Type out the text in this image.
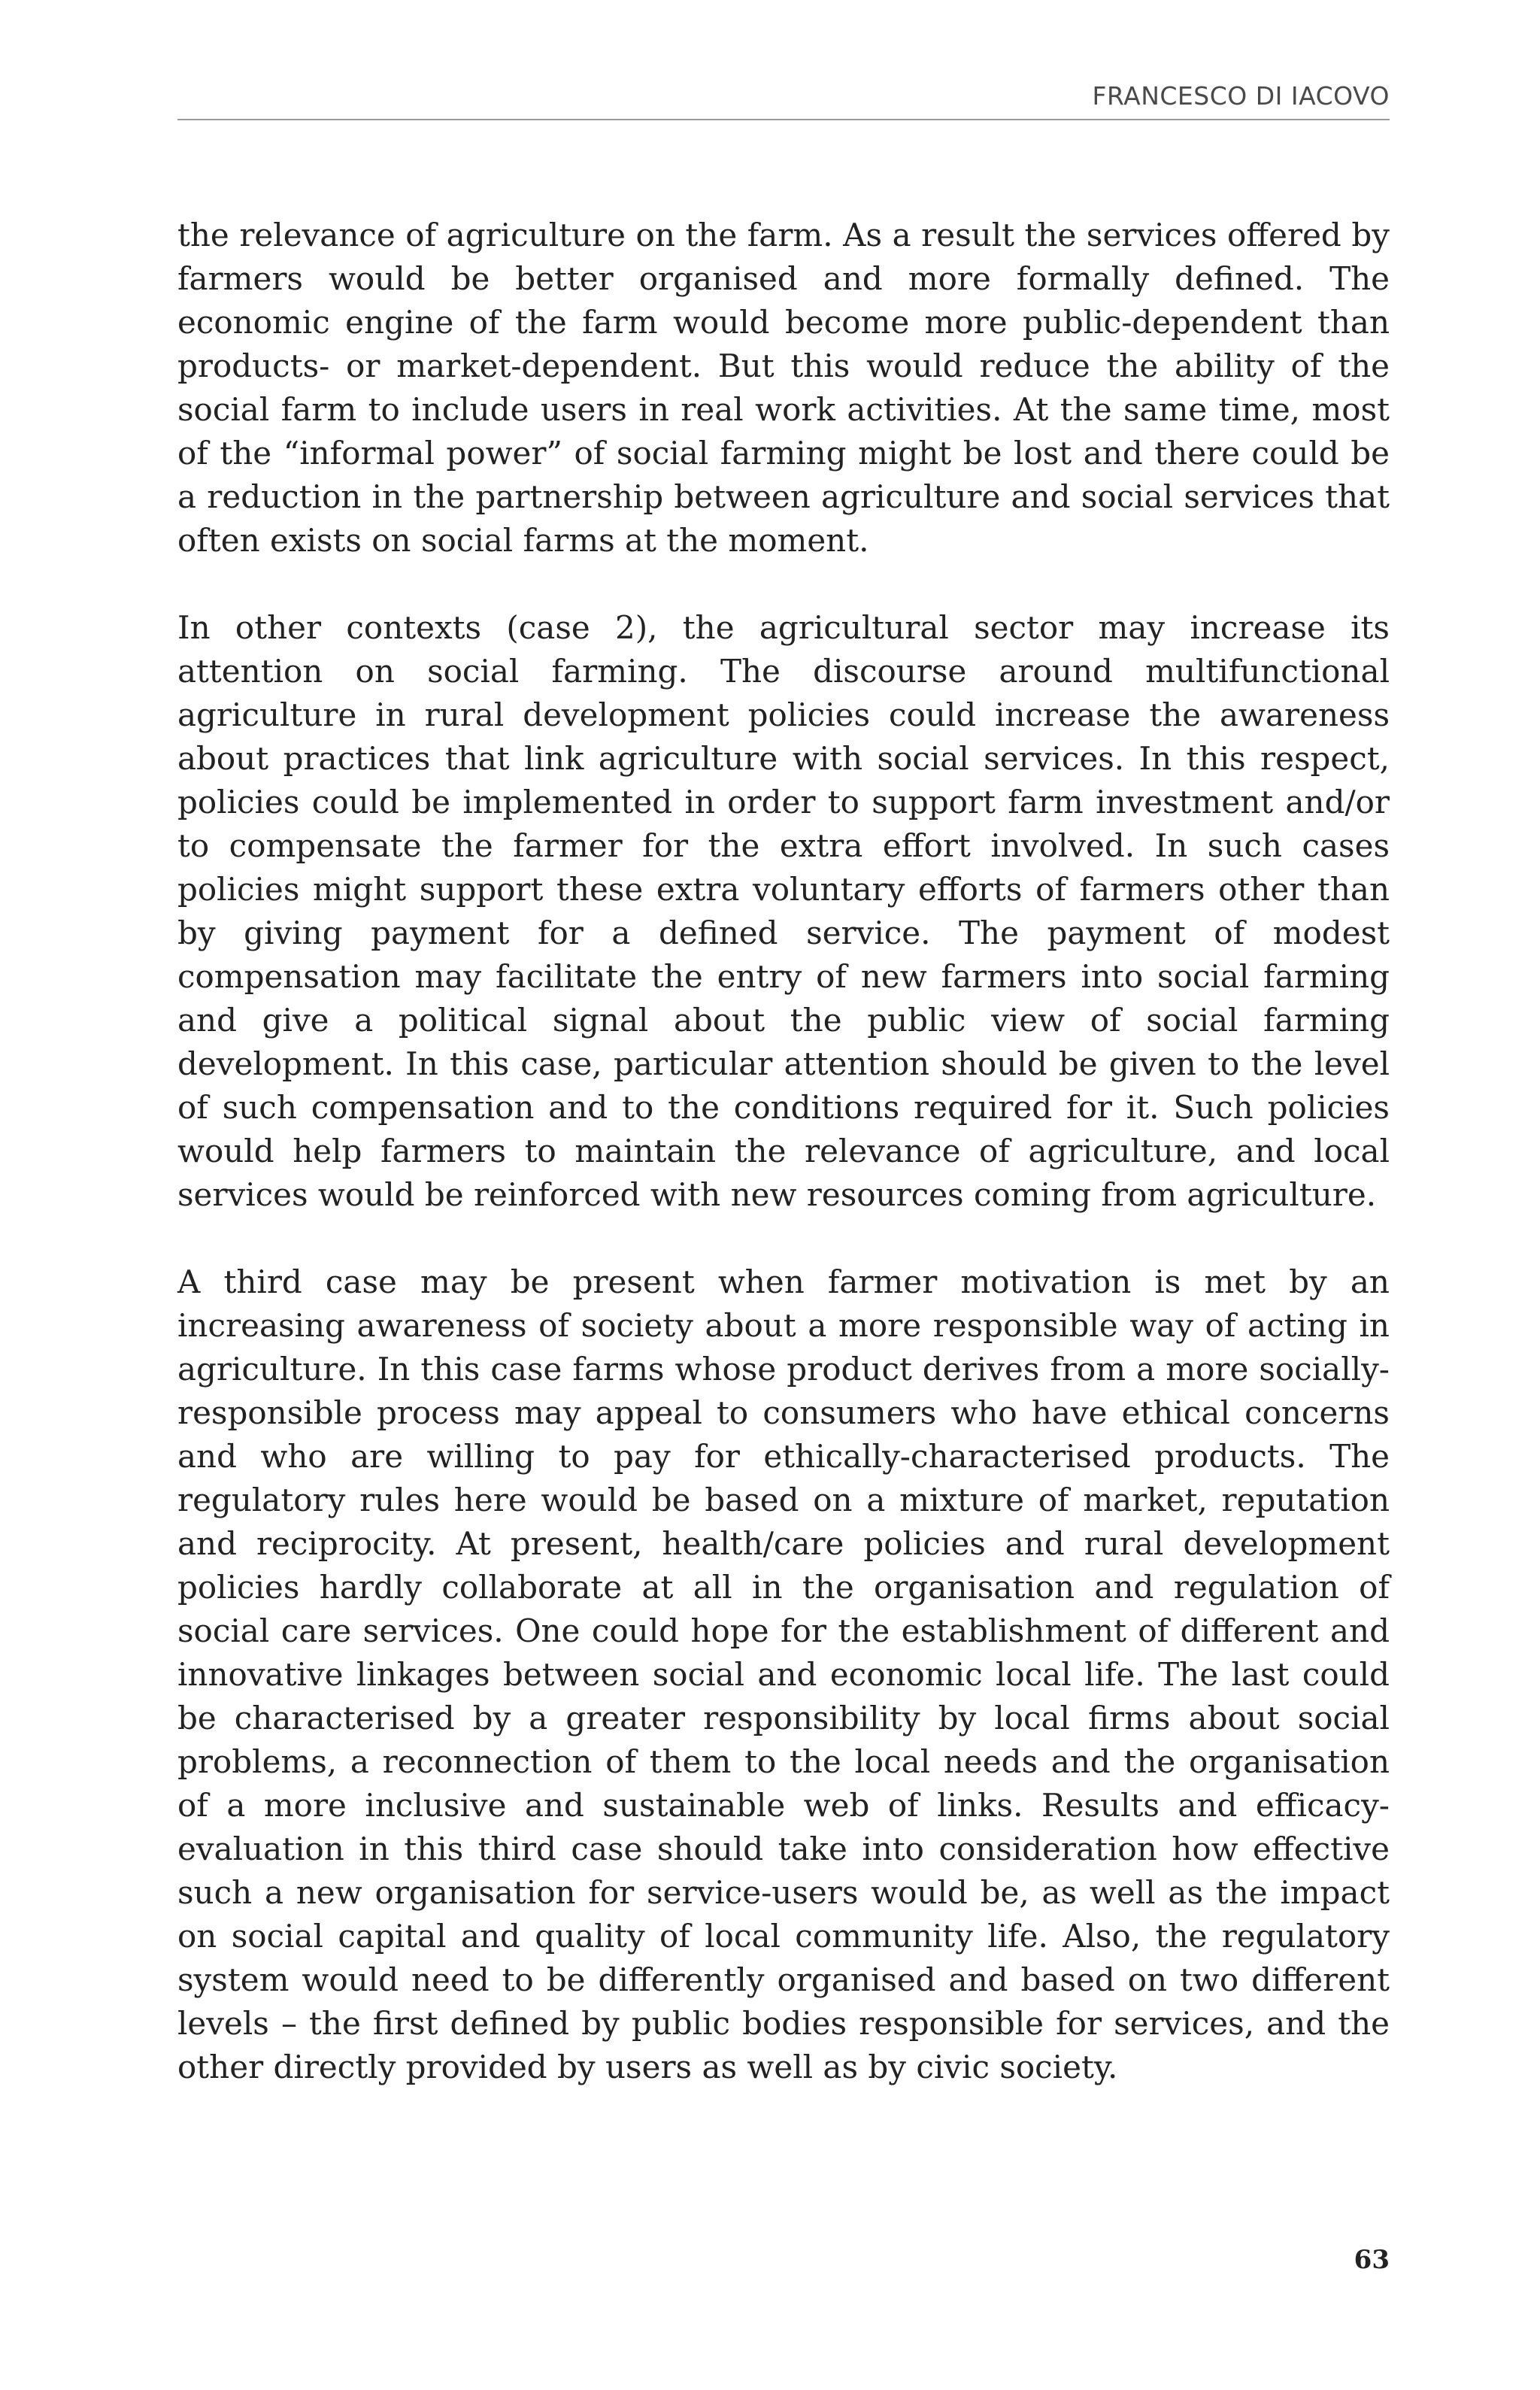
FRANCESCO DI IACOVO

the relevance of agriculture on the farm. As a result the services offered by farmers would be better organised and more formally defined. The economic engine of the farm would become more public-dependent than products- or market-dependent. But this would reduce the ability of the social farm to include users in real work activities. At the same time, most of the “informal power” of social farming might be lost and there could be a reduction in the partnership between agriculture and social services that often exists on social farms at the moment.

In other contexts (case 2), the agricultural sector may increase its attention on social farming. The discourse around multifunctional agriculture in rural development policies could increase the awareness about practices that link agriculture with social services. In this respect, policies could be implemented in order to support farm investment and/or to compensate the farmer for the extra effort involved. In such cases policies might support these extra voluntary efforts of farmers other than by giving payment for a defined service. The payment of modest compensation may facilitate the entry of new farmers into social farming and give a political signal about the public view of social farming development. In this case, particular attention should be given to the level of such compensation and to the conditions required for it. Such policies would help farmers to maintain the relevance of agriculture, and local services would be reinforced with new resources coming from agriculture.

A third case may be present when farmer motivation is met by an increasing awareness of society about a more responsible way of acting in agriculture. In this case farms whose product derives from a more socially-responsible process may appeal to consumers who have ethical concerns and who are willing to pay for ethically-characterised products. The regulatory rules here would be based on a mixture of market, reputation and reciprocity. At present, health/care policies and rural development policies hardly collaborate at all in the organisation and regulation of social care services. One could hope for the establishment of different and innovative linkages between social and economic local life. The last could be characterised by a greater responsibility by local firms about social problems, a reconnection of them to the local needs and the organisation of a more inclusive and sustainable web of links. Results and efficacy-evaluation in this third case should take into consideration how effective such a new organisation for service-users would be, as well as the impact on social capital and quality of local community life. Also, the regulatory system would need to be differently organised and based on two different levels – the first defined by public bodies responsible for services, and the other directly provided by users as well as by civic society.

63
